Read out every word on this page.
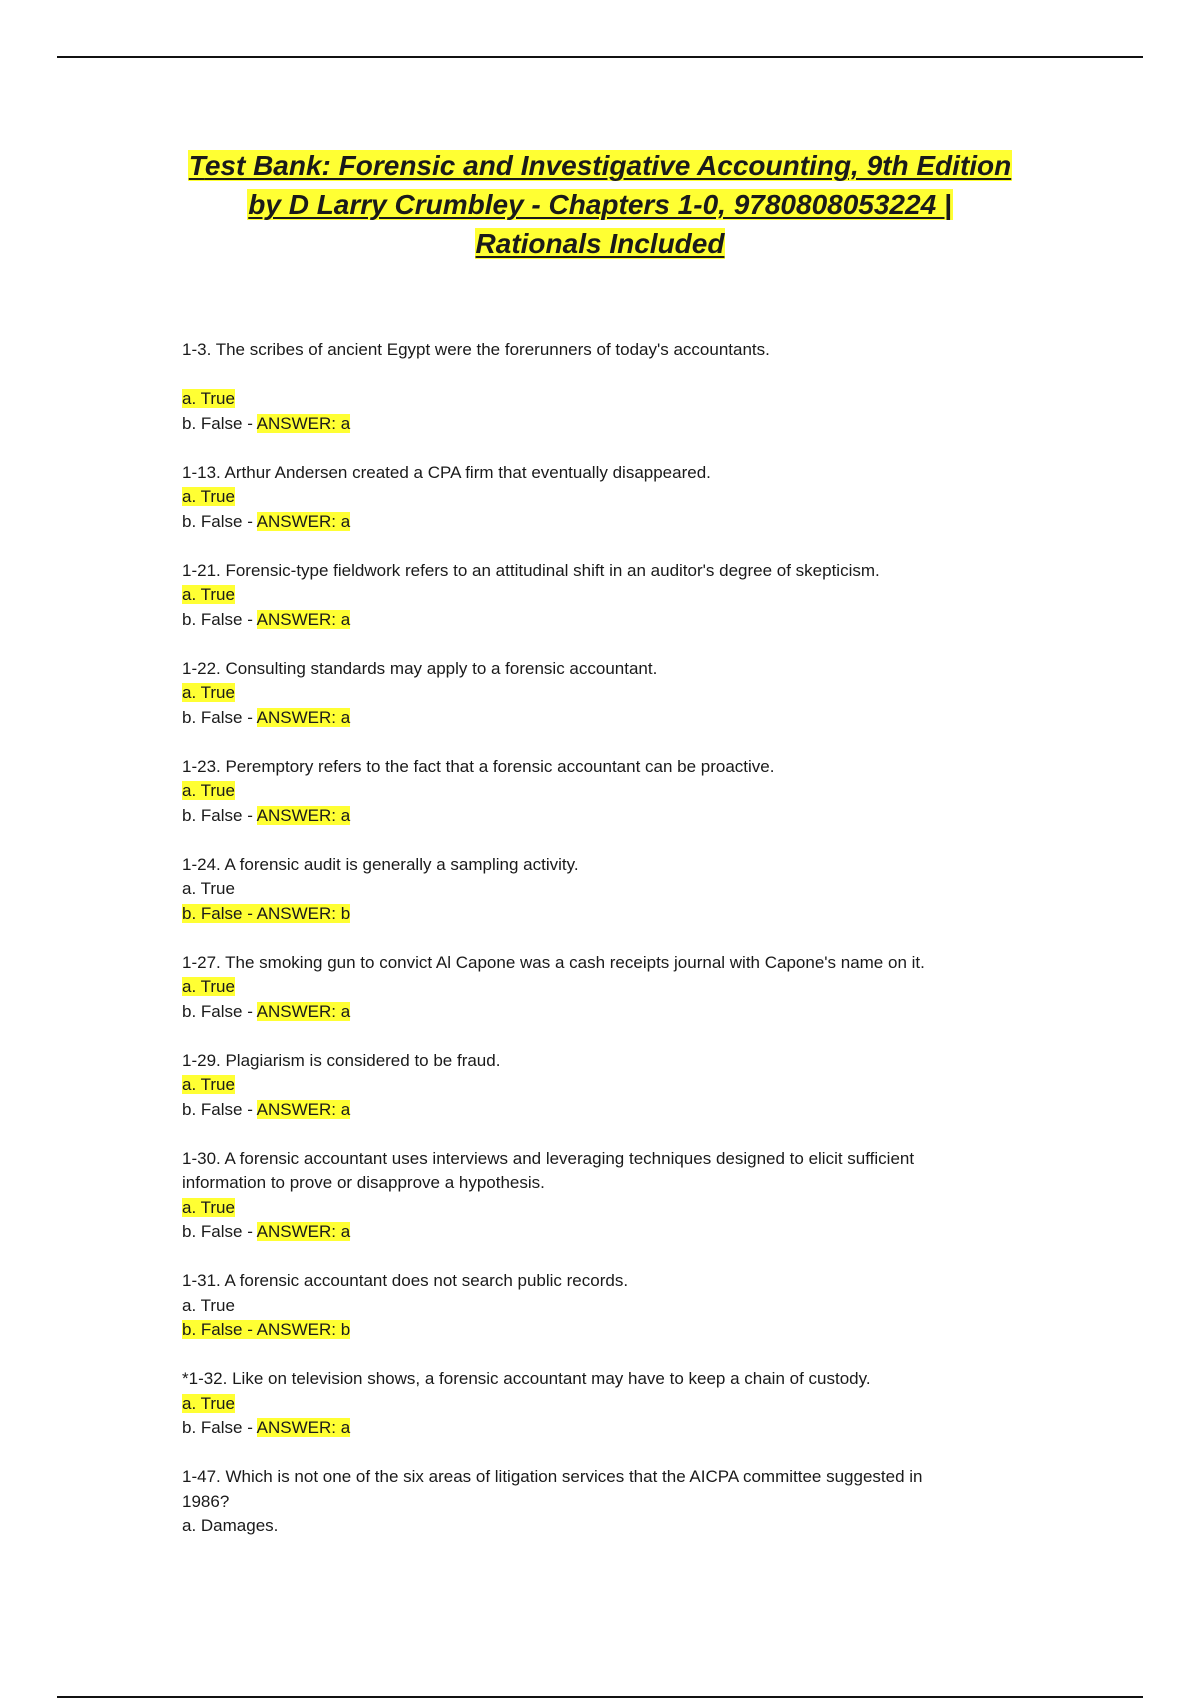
Test Bank: Forensic and Investigative Accounting, 9th Edition
by D Larry Crumbley - Chapters 1-0, 9780808053224 |
Rationals Included
1-3. The scribes of ancient Egypt were the forerunners of today's accountants.
a. True
b. False - ANSWER: a
1-13. Arthur Andersen created a CPA firm that eventually disappeared.
a. True
b. False - ANSWER: a
1-21. Forensic-type fieldwork refers to an attitudinal shift in an auditor's degree of skepticism.
a. True
b. False - ANSWER: a
1-22. Consulting standards may apply to a forensic accountant.
a. True
b. False - ANSWER: a
1-23. Peremptory refers to the fact that a forensic accountant can be proactive.
a. True
b. False - ANSWER: a
1-24. A forensic audit is generally a sampling activity.
a. True
b. False - ANSWER: b
1-27. The smoking gun to convict Al Capone was a cash receipts journal with Capone's name on it.
a. True
b. False - ANSWER: a
1-29. Plagiarism is considered to be fraud.
a. True
b. False - ANSWER: a
1-30. A forensic accountant uses interviews and leveraging techniques designed to elicit sufficient
information to prove or disapprove a hypothesis.
a. True
b. False - ANSWER: a
1-31. A forensic accountant does not search public records.
a. True
b. False - ANSWER: b
*1-32. Like on television shows, a forensic accountant may have to keep a chain of custody.
a. True
b. False - ANSWER: a
1-47. Which is not one of the six areas of litigation services that the AICPA committee suggested in
1986?
a. Damages.
